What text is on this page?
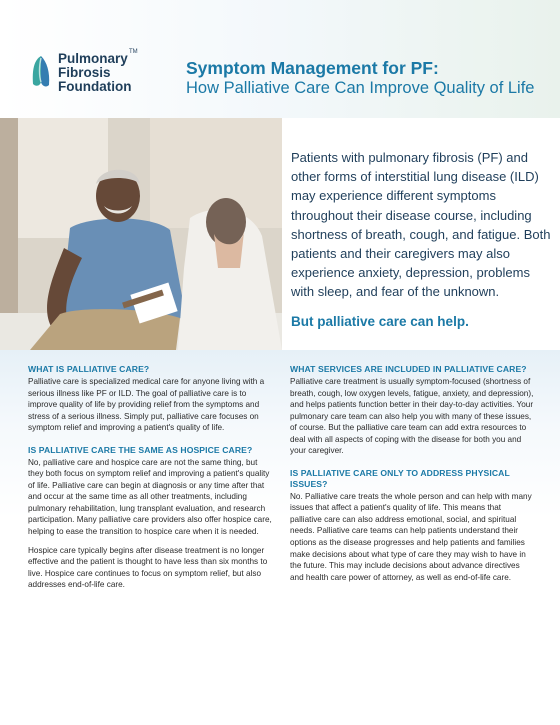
Pulmonary
Fibrosis
Foundation
TM

Symptom Management for PF:

How Palliative Care Can Improve Quality of Life

Patients with pulmonary fibrosis (PF) and other forms of interstitial lung disease (ILD) may experience different symptoms throughout their disease course, including shortness of breath, cough, and fatigue. Both patients and their caregivers may also experience anxiety, depression, problems with sleep, and fear of the unknown.

But palliative care can help.

WHAT IS PALLIATIVE CARE?

Palliative care is specialized medical care for anyone living with a serious illness like PF or ILD. The goal of palliative care is to improve quality of life by providing relief from the symptoms and stress of a serious illness. Simply put, palliative care focuses on symptom relief and improving a patient's quality of life.

IS PALLIATIVE CARE THE SAME AS HOSPICE CARE?

No, palliative care and hospice care are not the same thing, but they both focus on symptom relief and improving a patient's quality of life. Palliative care can begin at diagnosis or any time after that and occur at the same time as all other treatments, including pulmonary rehabilitation, lung transplant evaluation, and research participation. Many palliative care providers also offer hospice care, helping to ease the transition to hospice care when it is needed.

Hospice care typically begins after disease treatment is no longer effective and the patient is thought to have less than six months to live. Hospice care continues to focus on symptom relief, but also addresses end-of-life care.

WHAT SERVICES ARE INCLUDED IN PALLIATIVE CARE?

Palliative care treatment is usually symptom-focused (shortness of breath, cough, low oxygen levels, fatigue, anxiety, and depression), and helps patients function better in their day-to-day activities. Your pulmonary care team can also help you with many of these issues, of course. But the palliative care team can add extra resources to deal with all aspects of coping with the disease for both you and your caregiver.

IS PALLIATIVE CARE ONLY TO ADDRESS PHYSICAL ISSUES?

No. Palliative care treats the whole person and can help with many issues that affect a patient's quality of life. This means that palliative care can also address emotional, social, and spiritual needs. Palliative care teams can help patients understand their options as the disease progresses and help patients and families make decisions about what type of care they may wish to have in the future. This may include decisions about advance directives and health care power of attorney, as well as end-of-life care.
